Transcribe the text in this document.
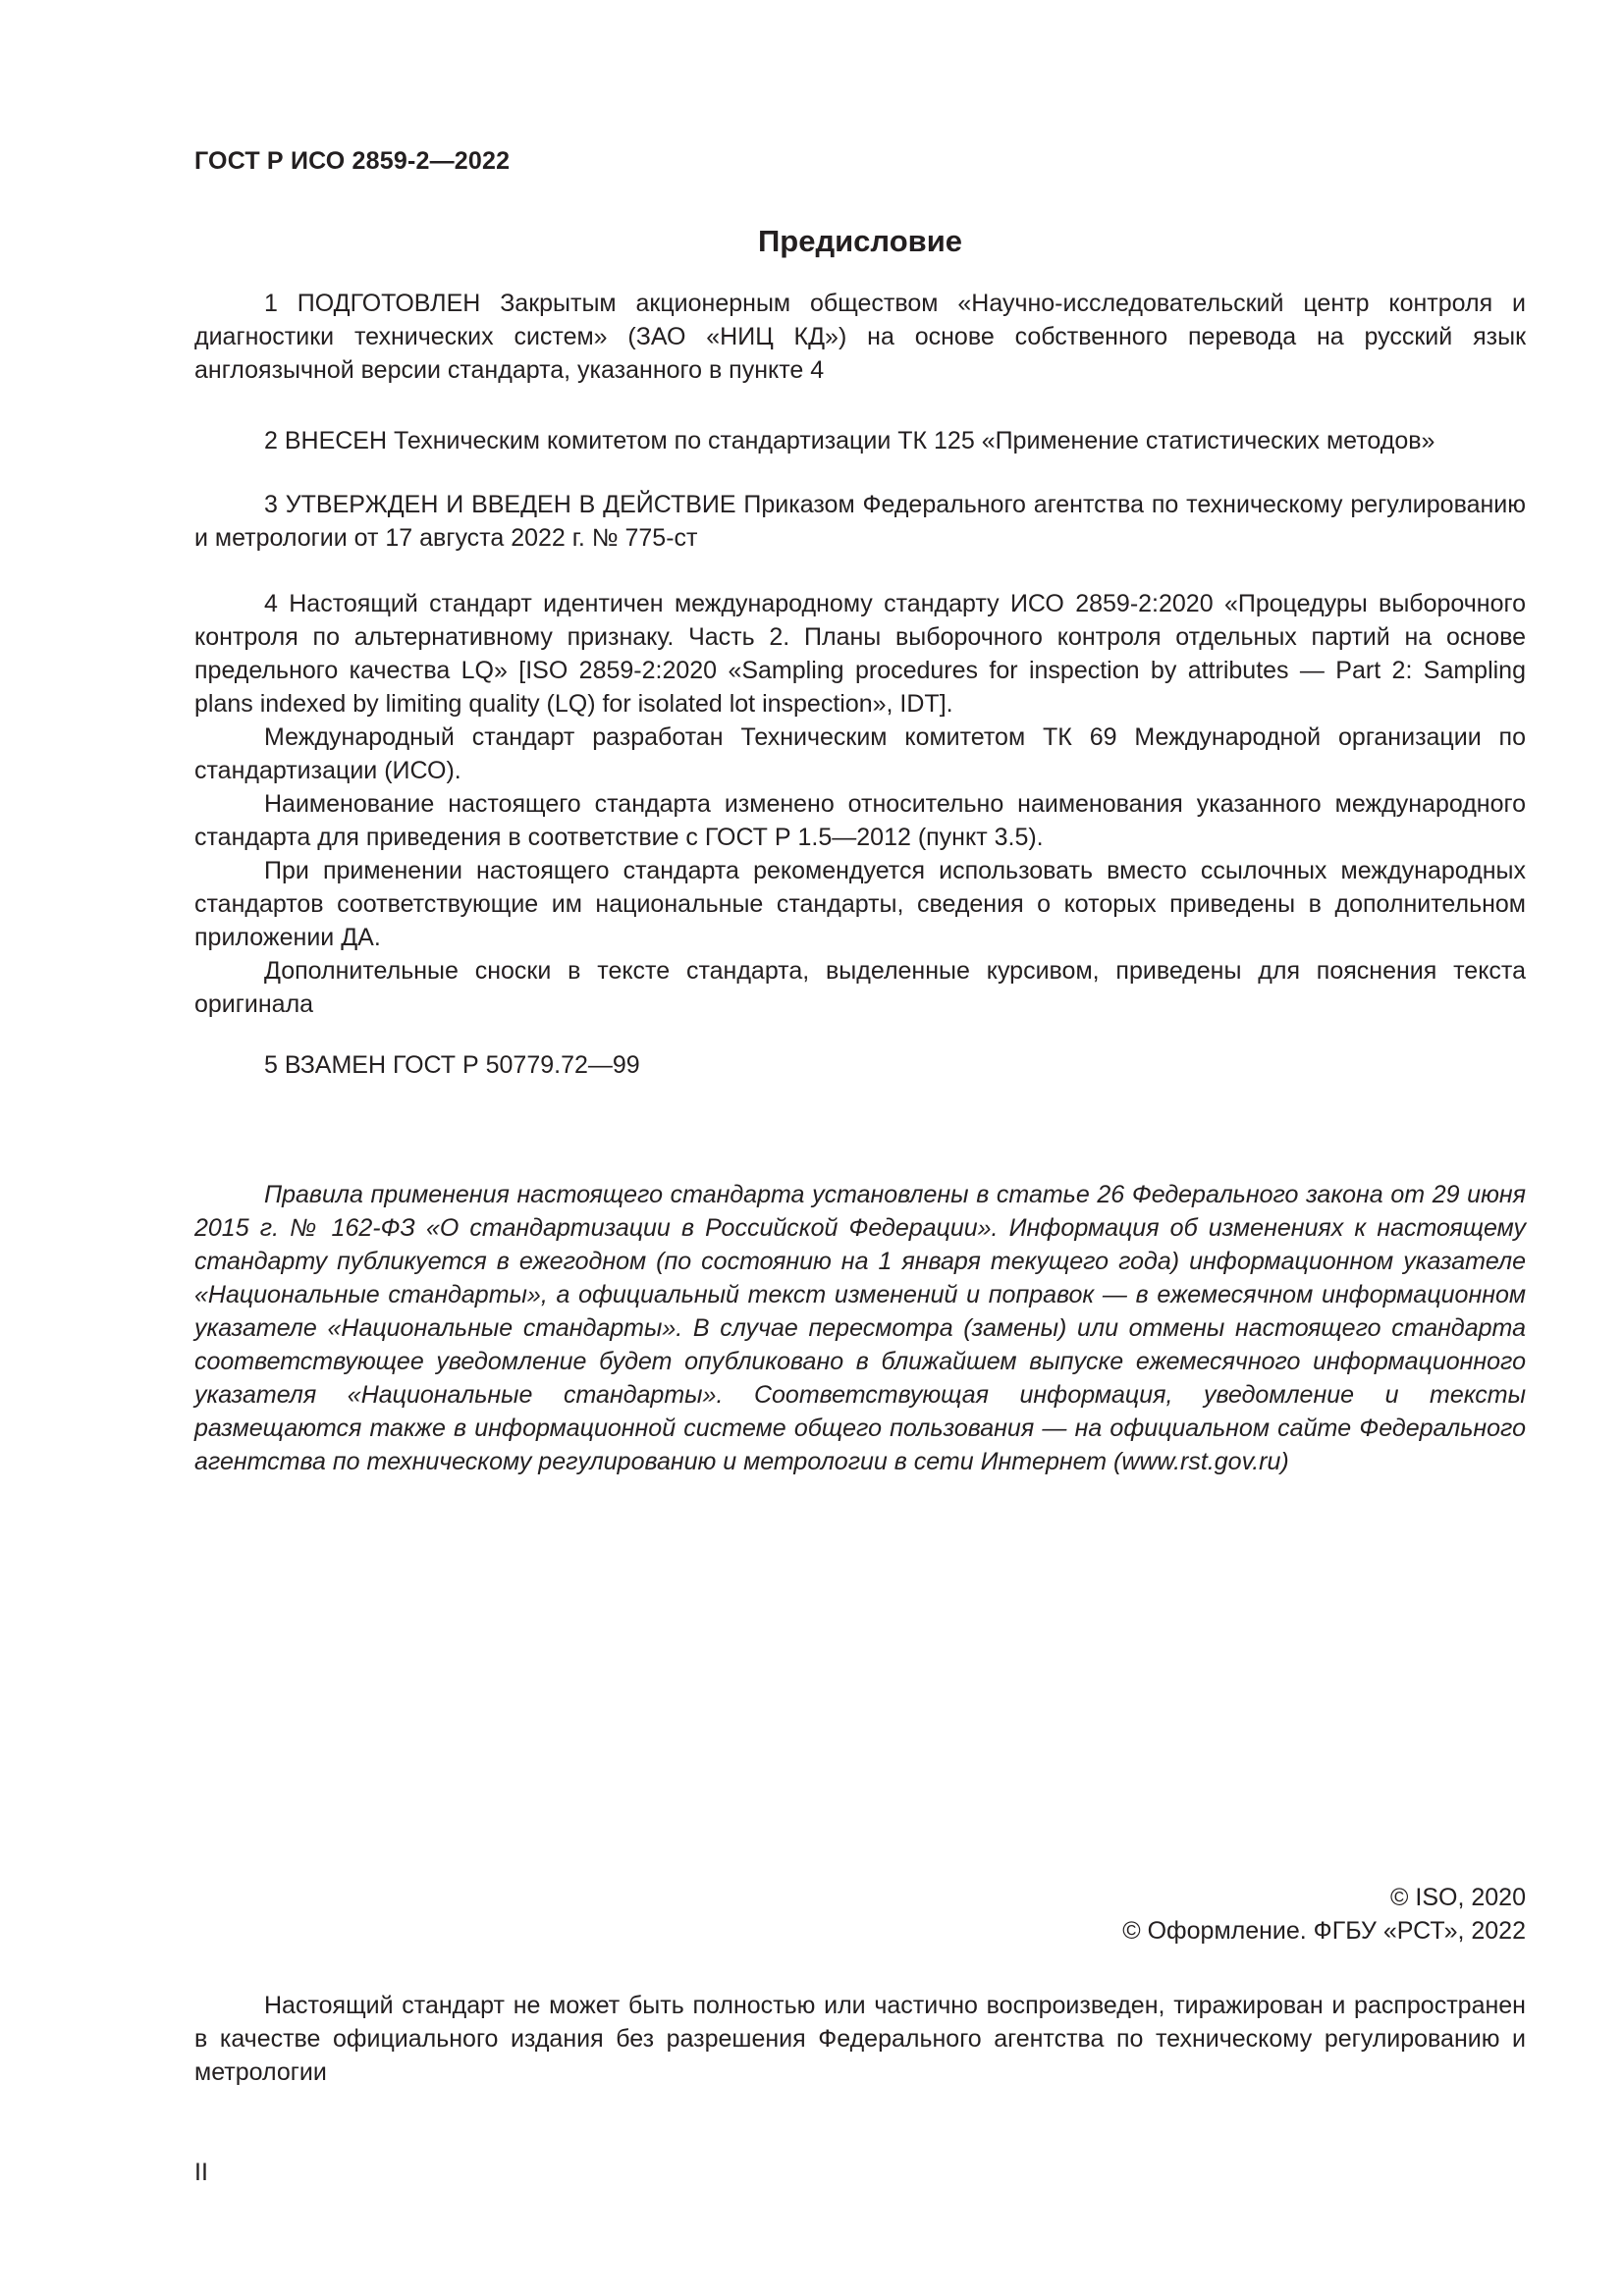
ГОСТ Р ИСО 2859-2—2022
Предисловие

1 ПОДГОТОВЛЕН Закрытым акционерным обществом «Научно-исследовательский центр контроля и диагностики технических систем» (ЗАО «НИЦ КД») на основе собственного перевода на русский язык англоязычной версии стандарта, указанного в пункте 4

2 ВНЕСЕН Техническим комитетом по стандартизации ТК 125 «Применение статистических методов»

3 УТВЕРЖДЕН И ВВЕДЕН В ДЕЙСТВИЕ Приказом Федерального агентства по техническому регулированию и метрологии от 17 августа 2022 г. № 775-ст

4 Настоящий стандарт идентичен международному стандарту ИСО 2859-2:2020 «Процедуры выборочного контроля по альтернативному признаку. Часть 2. Планы выборочного контроля отдельных партий на основе предельного качества LQ» [ISO 2859-2:2020 «Sampling procedures for inspection by attributes — Part 2: Sampling plans indexed by limiting quality (LQ) for isolated lot inspection», IDT].

Международный стандарт разработан Техническим комитетом ТК 69 Международной организации по стандартизации (ИСО).

Наименование настоящего стандарта изменено относительно наименования указанного международного стандарта для приведения в соответствие с ГОСТ Р 1.5—2012 (пункт 3.5).

При применении настоящего стандарта рекомендуется использовать вместо ссылочных международных стандартов соответствующие им национальные стандарты, сведения о которых приведены в дополнительном приложении ДА.

Дополнительные сноски в тексте стандарта, выделенные курсивом, приведены для пояснения текста оригинала

5 ВЗАМЕН ГОСТ Р 50779.72—99

Правила применения настоящего стандарта установлены в статье 26 Федерального закона от 29 июня 2015 г. № 162-ФЗ «О стандартизации в Российской Федерации». Информация об изменениях к настоящему стандарту публикуется в ежегодном (по состоянию на 1 января текущего года) информационном указателе «Национальные стандарты», а официальный текст изменений и поправок — в ежемесячном информационном указателе «Национальные стандарты». В случае пересмотра (замены) или отмены настоящего стандарта соответствующее уведомление будет опубликовано в ближайшем выпуске ежемесячного информационного указателя «Национальные стандарты». Соответствующая информация, уведомление и тексты размещаются также в информационной системе общего пользования — на официальном сайте Федерального агентства по техническому регулированию и метрологии в сети Интернет (www.rst.gov.ru)

© ISO, 2020
© Оформление. ФГБУ «РСТ», 2022

Настоящий стандарт не может быть полностью или частично воспроизведен, тиражирован и распространен в качестве официального издания без разрешения Федерального агентства по техническому регулированию и метрологии

II
